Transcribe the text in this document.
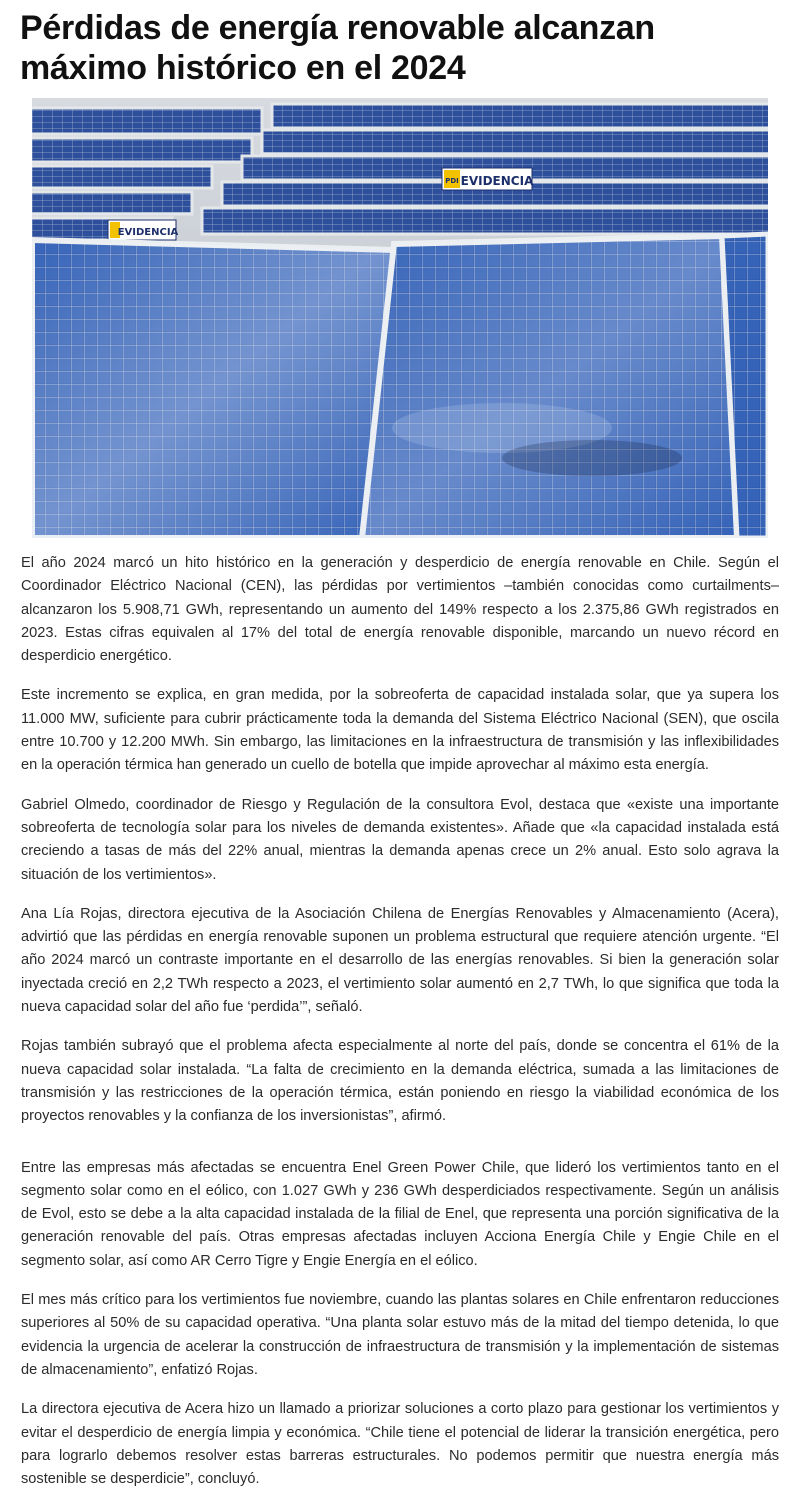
Pérdidas de energía renovable alcanzan máximo histórico en el 2024
PDI EVIDENCIA
EVIDENCIA

El año 2024 marcó un hito histórico en la generación y desperdicio de energía renovable en Chile. Según el Coordinador Eléctrico Nacional (CEN), las pérdidas por vertimientos –también conocidas como curtailments– alcanzaron los 5.908,71 GWh, representando un aumento del 149% respecto a los 2.375,86 GWh registrados en 2023. Estas cifras equivalen al 17% del total de energía renovable disponible, marcando un nuevo récord en desperdicio energético.

Este incremento se explica, en gran medida, por la sobreoferta de capacidad instalada solar, que ya supera los 11.000 MW, suficiente para cubrir prácticamente toda la demanda del Sistema Eléctrico Nacional (SEN), que oscila entre 10.700 y 12.200 MWh. Sin embargo, las limitaciones en la infraestructura de transmisión y las inflexibilidades en la operación térmica han generado un cuello de botella que impide aprovechar al máximo esta energía.

Gabriel Olmedo, coordinador de Riesgo y Regulación de la consultora Evol, destaca que «existe una importante sobreoferta de tecnología solar para los niveles de demanda existentes». Añade que «la capacidad instalada está creciendo a tasas de más del 22% anual, mientras la demanda apenas crece un 2% anual. Esto solo agrava la situación de los vertimientos».

Ana Lía Rojas, directora ejecutiva de la Asociación Chilena de Energías Renovables y Almacenamiento (Acera), advirtió que las pérdidas en energía renovable suponen un problema estructural que requiere atención urgente. “El año 2024 marcó un contraste importante en el desarrollo de las energías renovables. Si bien la generación solar inyectada creció en 2,2 TWh respecto a 2023, el vertimiento solar aumentó en 2,7 TWh, lo que significa que toda la nueva capacidad solar del año fue ‘perdida’”, señaló.

Rojas también subrayó que el problema afecta especialmente al norte del país, donde se concentra el 61% de la nueva capacidad solar instalada. “La falta de crecimiento en la demanda eléctrica, sumada a las limitaciones de transmisión y las restricciones de la operación térmica, están poniendo en riesgo la viabilidad económica de los proyectos renovables y la confianza de los inversionistas”, afirmó.

Entre las empresas más afectadas se encuentra Enel Green Power Chile, que lideró los vertimientos tanto en el segmento solar como en el eólico, con 1.027 GWh y 236 GWh desperdiciados respectivamente. Según un análisis de Evol, esto se debe a la alta capacidad instalada de la filial de Enel, que representa una porción significativa de la generación renovable del país. Otras empresas afectadas incluyen Acciona Energía Chile y Engie Chile en el segmento solar, así como AR Cerro Tigre y Engie Energía en el eólico.

El mes más crítico para los vertimientos fue noviembre, cuando las plantas solares en Chile enfrentaron reducciones superiores al 50% de su capacidad operativa. “Una planta solar estuvo más de la mitad del tiempo detenida, lo que evidencia la urgencia de acelerar la construcción de infraestructura de transmisión y la implementación de sistemas de almacenamiento”, enfatizó Rojas.

La directora ejecutiva de Acera hizo un llamado a priorizar soluciones a corto plazo para gestionar los vertimientos y evitar el desperdicio de energía limpia y económica. “Chile tiene el potencial de liderar la transición energética, pero para lograrlo debemos resolver estas barreras estructurales. No podemos permitir que nuestra energía más sostenible se desperdicie”, concluyó.
